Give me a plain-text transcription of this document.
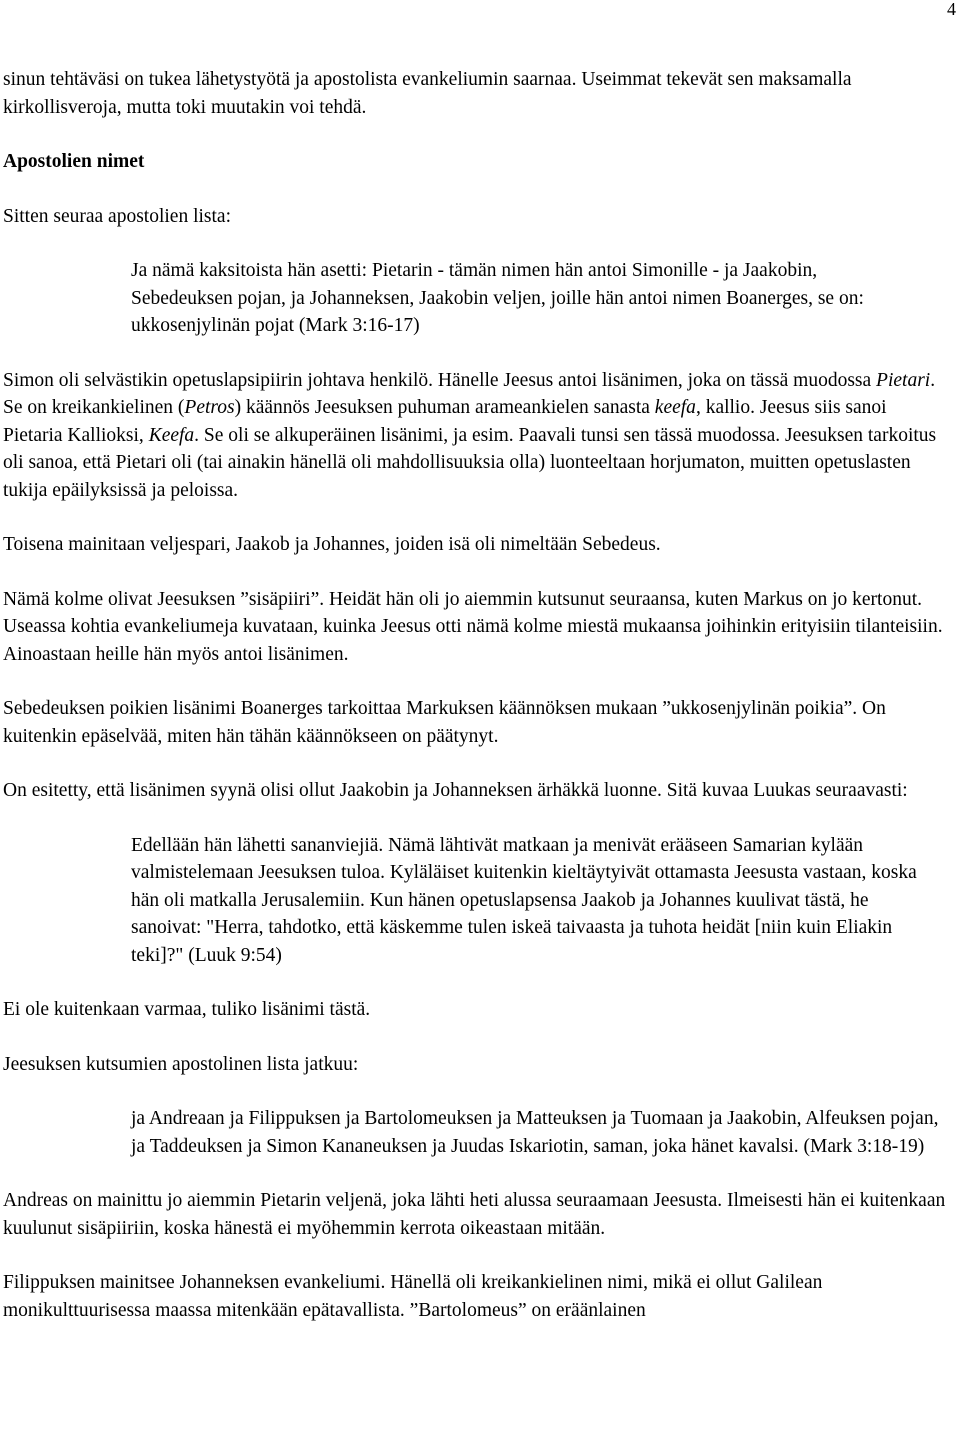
4

sinun tehtäväsi on tukea lähetystyötä ja apostolista evankeliumin saarnaa. Useimmat tekevät sen maksamalla kirkollisveroja, mutta toki muutakin voi tehdä.

Apostolien nimet

Sitten seuraa apostolien lista:

Ja nämä kaksitoista hän asetti: Pietarin - tämän nimen hän antoi Simonille - ja Jaakobin, Sebedeuksen pojan, ja Johanneksen, Jaakobin veljen, joille hän antoi nimen Boanerges, se on: ukkosenjylinän pojat (Mark 3:16-17)

Simon oli selvästikin opetuslapsipiirin johtava henkilö. Hänelle Jeesus antoi lisänimen, joka on tässä muodossa Pietari. Se on kreikankielinen (Petros) käännös Jeesuksen puhuman arameankielen sanasta keefa, kallio. Jeesus siis sanoi Pietaria Kallioksi, Keefa. Se oli se alkuperäinen lisänimi, ja esim. Paavali tunsi sen tässä muodossa. Jeesuksen tarkoitus oli sanoa, että Pietari oli (tai ainakin hänellä oli mahdollisuuksia olla) luonteeltaan horjumaton, muitten opetuslasten tukija epäilyksissä ja peloissa.

Toisena mainitaan veljespari, Jaakob ja Johannes, joiden isä oli nimeltään Sebedeus.

Nämä kolme olivat Jeesuksen ”sisäpiiri”. Heidät hän oli jo aiemmin kutsunut seuraansa, kuten Markus on jo kertonut. Useassa kohtia evankeliumeja kuvataan, kuinka Jeesus otti nämä kolme miestä mukaansa joihinkin erityisiin tilanteisiin. Ainoastaan heille hän myös antoi lisänimen.

Sebedeuksen poikien lisänimi Boanerges tarkoittaa Markuksen käännöksen mukaan ”ukkosenjylinän poikia”. On kuitenkin epäselvää, miten hän tähän käännökseen on päätynyt.

On esitetty, että lisänimen syynä olisi ollut Jaakobin ja Johanneksen ärhäkkä luonne. Sitä kuvaa Luukas seuraavasti:

Edellään hän lähetti sananviejiä. Nämä lähtivät matkaan ja menivät erääseen Samarian kylään valmistelemaan Jeesuksen tuloa. Kyläläiset kuitenkin kieltäytyivät ottamasta Jeesusta vastaan, koska hän oli matkalla Jerusalemiin. Kun hänen opetuslapsensa Jaakob ja Johannes kuulivat tästä, he sanoivat: "Herra, tahdotko, että käskemme tulen iskeä taivaasta ja tuhota heidät [niin kuin Eliakin teki]?" (Luuk 9:54)

Ei ole kuitenkaan varmaa, tuliko lisänimi tästä.

Jeesuksen kutsumien apostolinen lista jatkuu:

ja Andreaan ja Filippuksen ja Bartolomeuksen ja Matteuksen ja Tuomaan ja Jaakobin, Alfeuksen pojan, ja Taddeuksen ja Simon Kananeuksen ja Juudas Iskariotin, saman, joka hänet kavalsi. (Mark 3:18-19)

Andreas on mainittu jo aiemmin Pietarin veljenä, joka lähti heti alussa seuraamaan Jeesusta. Ilmeisesti hän ei kuitenkaan kuulunut sisäpiiriin, koska hänestä ei myöhemmin kerrota oikeastaan mitään.

Filippuksen mainitsee Johanneksen evankeliumi. Hänellä oli kreikankielinen nimi, mikä ei ollut Galilean monikulttuurisessa maassa mitenkään epätavallista. ”Bartolomeus” on eräänlainen
